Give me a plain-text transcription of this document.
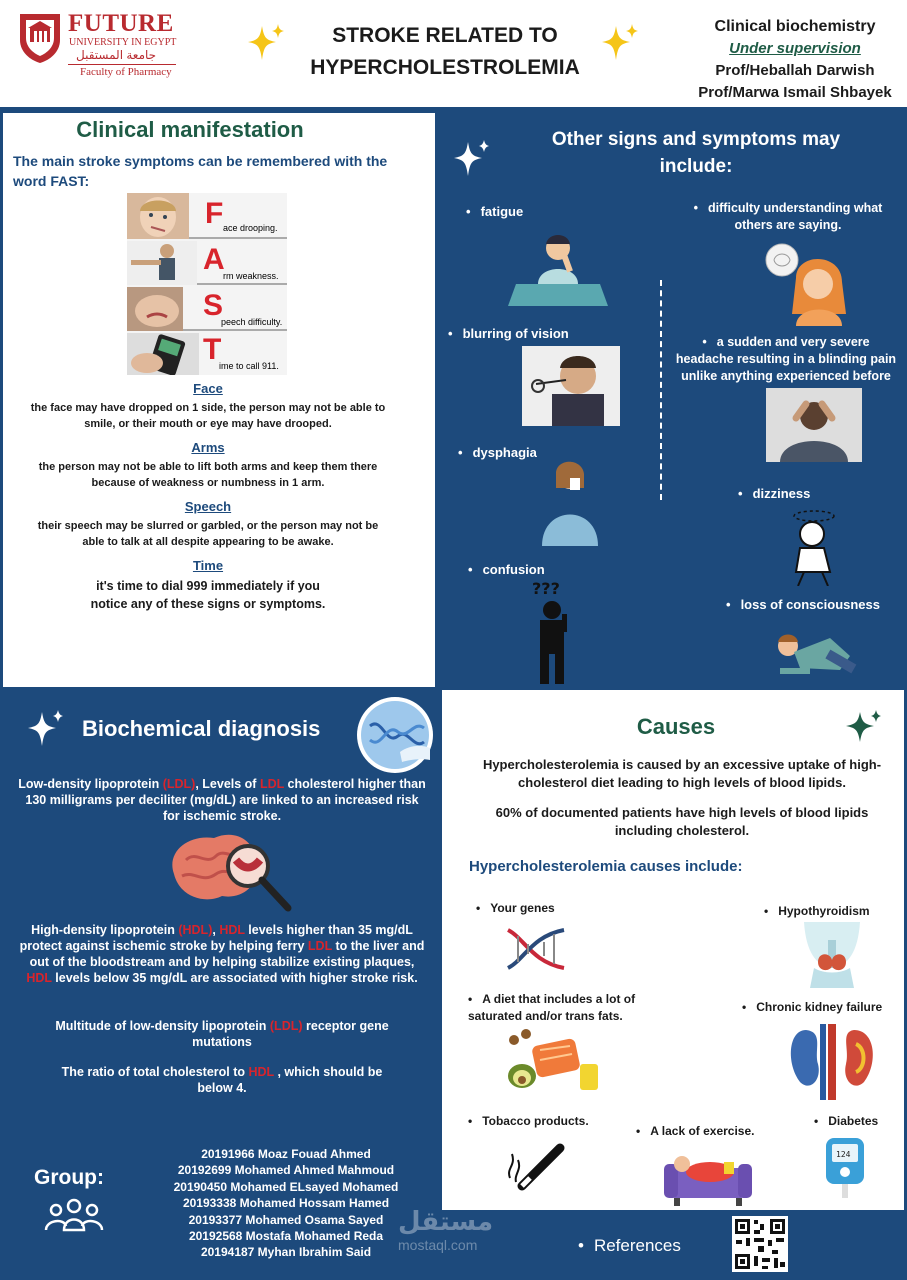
FUTURE
UNIVERSITY IN EGYPT
جامعة المستقبل
Faculty of Pharmacy
STROKE RELATED TO
HYPERCHOLESTROLEMIA
Clinical biochemistry
Under supervision
Prof/Heballah Darwish
Prof/Marwa Ismail Shbayek
Clinical manifestation
The main stroke symptoms can be remembered with the word FAST:
F ace drooping.
A
rm weakness.
S
peech difficulty.
T
ime to call 911.
Face
the face may have dropped on 1 side, the person may not be able to smile, or their mouth or eye may have drooped.
Arms
the person may not be able to lift both arms and keep them there because of weakness or numbness in 1 arm.
Speech
their speech may be slurred or garbled, or the person may not be able to talk at all despite appearing to be awake.
Time
it's time to dial 999 immediately if you notice any of these signs or symptoms.
Other signs and symptoms may include:
• fatigue
• blurring of vision
• dysphagia
• confusion
???
• difficulty understanding what others are saying.
• a sudden and very severe headache resulting in a blinding pain unlike anything experienced before
• dizziness
• loss of consciousness
Biochemical diagnosis
Low-density lipoprotein (LDL), Levels of LDL cholesterol higher than 130 milligrams per deciliter (mg/dL) are linked to an increased risk for ischemic stroke.
High-density lipoprotein (HDL), HDL levels higher than 35 mg/dL protect against ischemic stroke by helping ferry LDL to the liver and out of the bloodstream and by helping stabilize existing plaques, HDL levels below 35 mg/dL are associated with higher stroke risk.
Multitude of low-density lipoprotein (LDL) receptor gene mutations
The ratio of total cholesterol to HDL , which should be below 4.
Group:
20191966 Moaz Fouad Ahmed
20192699 Mohamed Ahmed Mahmoud
20190450 Mohamed ELsayed Mohamed
20193338 Mohamed Hossam Hamed
20193377 Mohamed Osama Sayed
20192568 Mostafa Mohamed Reda
20194187 Myhan Ibrahim Said
Causes
Hypercholesterolemia is caused by an excessive uptake of high-cholesterol diet leading to high levels of blood lipids.
60% of documented patients have high levels of blood lipids including cholesterol.
Hypercholesterolemia causes include:
• Your genes	• Hypothyroidism
• A diet that includes a lot of saturated and/or trans fats.
• Chronic kidney failure
• Tobacco products.
• A lack of exercise.
• Diabetes
124
مستقل
mostaql.com	• References
